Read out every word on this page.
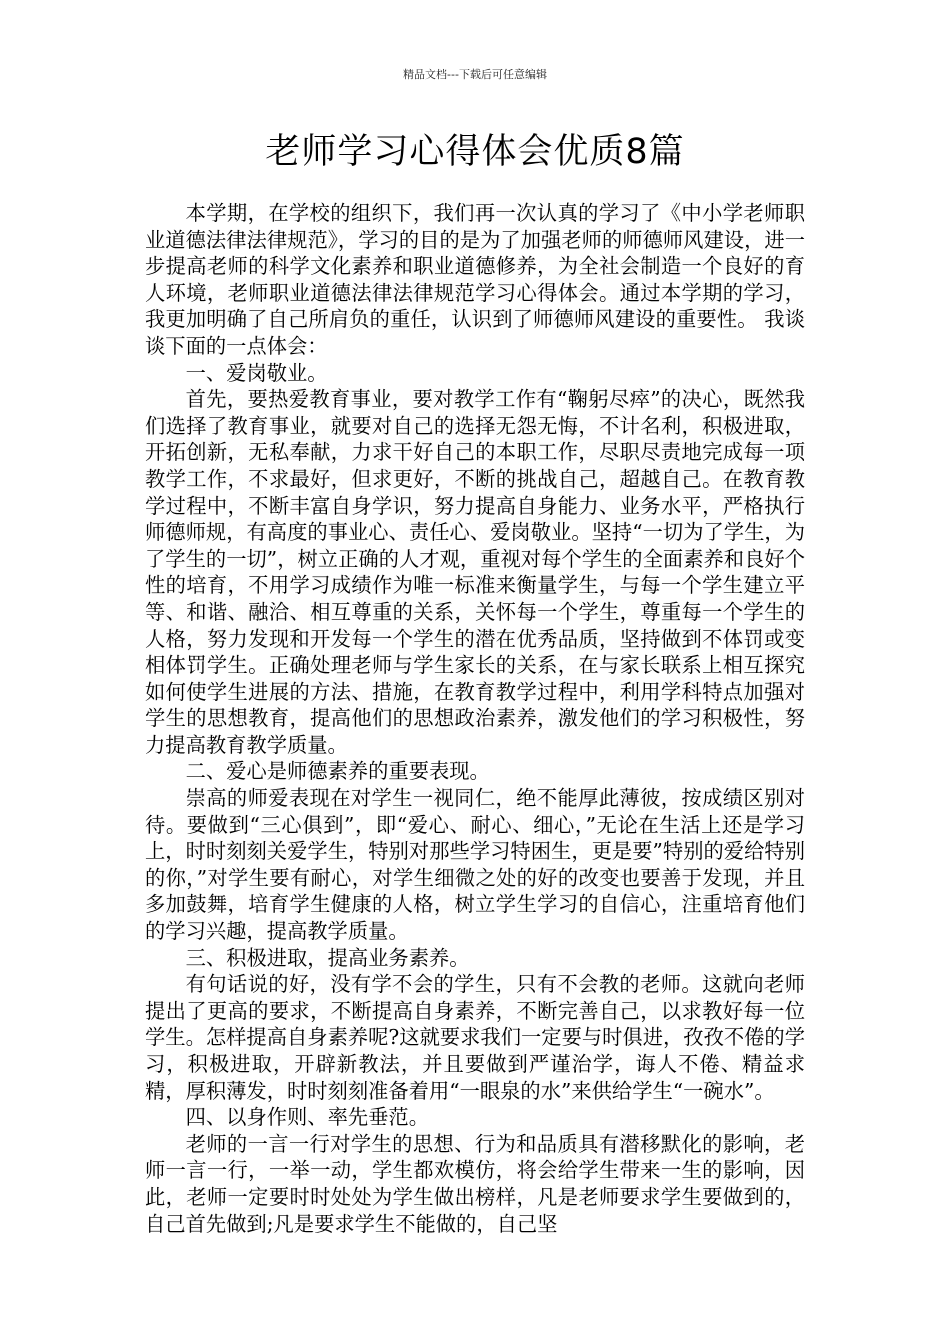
精品文档---下载后可任意编辑
老师学习心得体会优质8篇

本学期，在学校的组织下，我们再一次认真的学习了《中小学老师职业道德法律法律规范》，学习的目的是为了加强老师的师德师风建设，进一步提高老师的科学文化素养和职业道德修养，为全社会制造一个良好的育人环境，老师职业道德法律法律规范学习心得体会。通过本学期的学习，我更加明确了自己所肩负的重任，认识到了师德师风建设的重要性。 我谈谈下面的一点体会：

一、爱岗敬业。

首先，要热爱教育事业，要对教学工作有“鞠躬尽瘁”的决心，既然我们选择了教育事业，就要对自己的选择无怨无悔，不计名利，积极进取，开拓创新，无私奉献，力求干好自己的本职工作，尽职尽责地完成每一项教学工作，不求最好，但求更好，不断的挑战自己，超越自己。在教育教学过程中，不断丰富自身学识，努力提高自身能力、业务水平，严格执行师德师规，有高度的事业心、责任心、爱岗敬业。坚持“一切为了学生，为了学生的一切”，树立正确的人才观，重视对每个学生的全面素养和良好个性的培育，不用学习成绩作为唯一标准来衡量学生，与每一个学生建立平等、和谐、融洽、相互尊重的关系，关怀每一个学生，尊重每一个学生的人格，努力发现和开发每一个学生的潜在优秀品质，坚持做到不体罚或变相体罚学生。正确处理老师与学生家长的关系，在与家长联系上相互探究如何使学生进展的方法、措施，在教育教学过程中，利用学科特点加强对学生的思想教育，提高他们的思想政治素养，激发他们的学习积极性，努力提高教育教学质量。

二、爱心是师德素养的重要表现。

崇高的师爱表现在对学生一视同仁，绝不能厚此薄彼，按成绩区别对待。要做到“三心俱到”，即“爱心、耐心、细心，”无论在生活上还是学习上，时时刻刻关爱学生，特别对那些学习特困生，更是要”特别的爱给特别的你，”对学生要有耐心，对学生细微之处的好的改变也要善于发现，并且多加鼓舞，培育学生健康的人格，树立学生学习的自信心，注重培育他们的学习兴趣，提高教学质量。

三、积极进取，提高业务素养。

有句话说的好，没有学不会的学生，只有不会教的老师。这就向老师提出了更高的要求，不断提高自身素养，不断完善自己，以求教好每一位学生。怎样提高自身素养呢?这就要求我们一定要与时俱进，孜孜不倦的学习，积极进取，开辟新教法，并且要做到严谨治学，诲人不倦、精益求精，厚积薄发，时时刻刻准备着用“一眼泉的水”来供给学生“一碗水”。

四、以身作则、率先垂范。

老师的一言一行对学生的思想、行为和品质具有潜移默化的影响，老师一言一行，一举一动，学生都欢模仿，将会给学生带来一生的影响，因此，老师一定要时时处处为学生做出榜样，凡是老师要求学生要做到的，自己首先做到;凡是要求学生不能做的，自己坚
